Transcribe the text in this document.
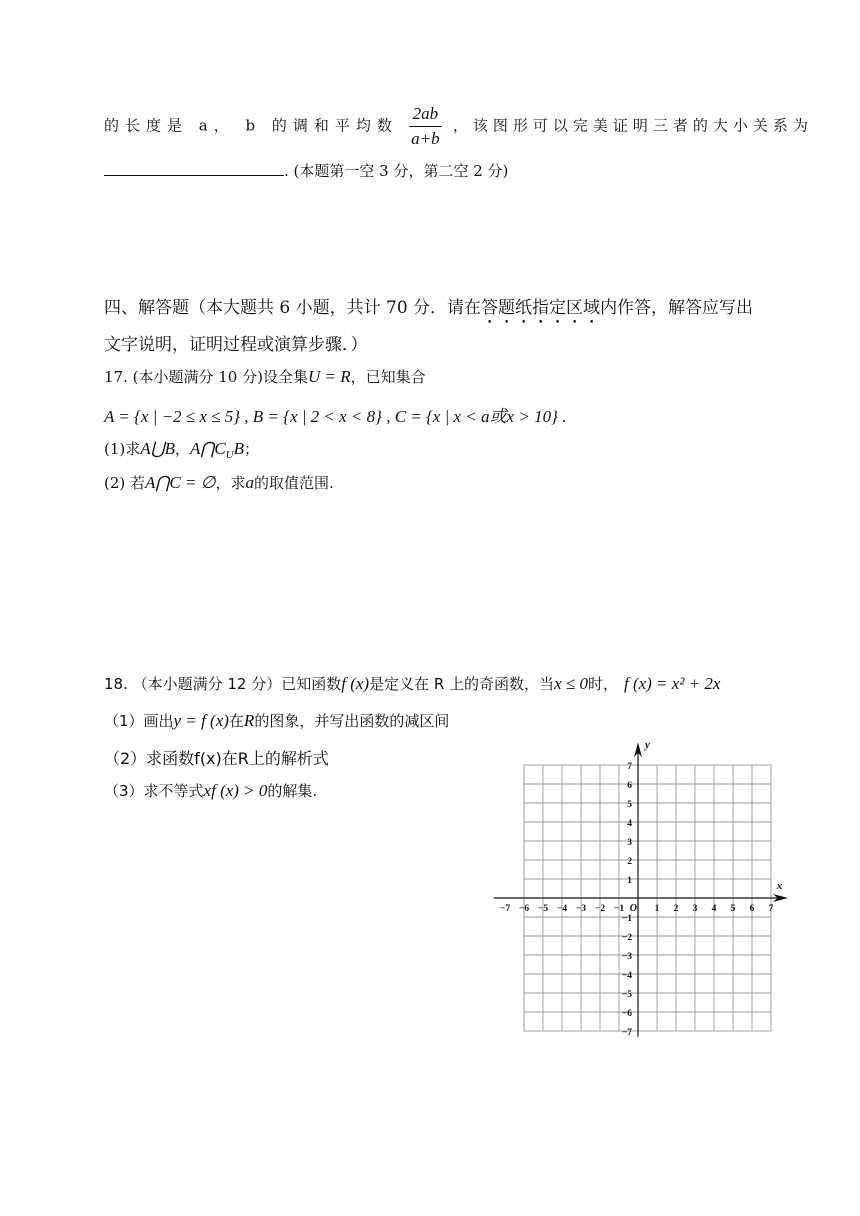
的长度是 a， b 的调和平均数 $\frac{2ab}{a+b}$ ，该图形可以完美证明三者的大小关系为
. (本题第一空 3 分，第二空 2 分)
四、解答题（本大题共 6 小题，共计 70 分．请在答题纸指定区域内作答，解答应写出
文字说明，证明过程或演算步骤．）
17. (本小题满分 10 分)设全集U = R，已知集合
A = {x | −2 ≤ x ≤ 5} , B = {x | 2 < x < 8} , C = {x | x < a或x > 10} .
(1)求A⋃B，$A⋂C_UB$；
(2) 若A⋂C = ∅，求a的取值范围.
18. （本小题满分 12 分）已知函数f (x)是定义在 R 上的奇函数，当x ≤ 0时， f (x) = x² + 2x
（1）画出y = f (x)在R的图象，并写出函数的减区间
（2）求函数f(x)在R上的解析式
（3）求不等式xf (x) > 0的解集.
−7 −6 −5 −4 −3 −2 −1	1 2 3 4 5 6 7
7
6
5
4
3
2
1
−1
−2
−3
−4
−5
−6
−7
O
x
y
